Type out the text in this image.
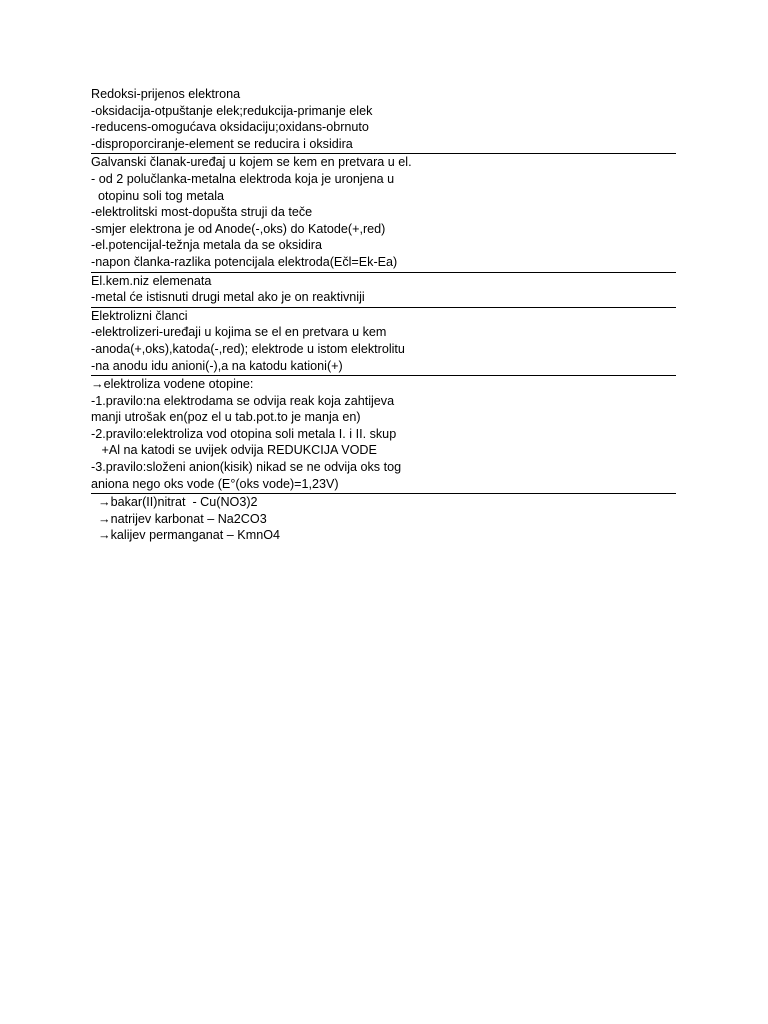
Redoksi-prijenos elektrona
-oksidacija-otpuštanje elek;redukcija-primanje elek
-reducens-omogućava oksidaciju;oxidans-obrnuto
-disproporciranje-element se reducira i oksidira
Galvanski članak-uređaj u kojem se kem en pretvara u el.
- od 2 polučlanka-metalna elektroda koja je uronjena u
otopinu soli tog metala
-elektrolitski most-dopušta struji da teče
-smjer elektrona je od Anode(-,oks) do Katode(+,red)
-el.potencijal-težnja metala da se oksidira
-napon članka-razlika potencijala elektroda(Ečl=Ek-Ea)
El.kem.niz elemenata
-metal će istisnuti drugi metal ako je on reaktivniji
Elektrolizni članci
-elektrolizeri-uređaji u kojima se el en pretvara u kem
-anoda(+,oks),katoda(-,red); elektrode u istom elektrolitu
-na anodu idu anioni(-),a na katodu kationi(+)
→elektroliza vodene otopine:
-1.pravilo:na elektrodama se odvija reak koja zahtijeva
manji utrošak en(poz el u tab.pot.to je manja en)
-2.pravilo:elektroliza vod otopina soli metala I. i II. skup
+Al na katodi se uvijek odvija REDUKCIJA VODE
-3.pravilo:složeni anion(kisik) nikad se ne odvija oks tog
aniona nego oks vode (E°(oks vode)=1,23V)
→bakar(II)nitrat  - Cu(NO3)2
→natrijev karbonat – Na2CO3
→kalijev permanganat – KmnO4
